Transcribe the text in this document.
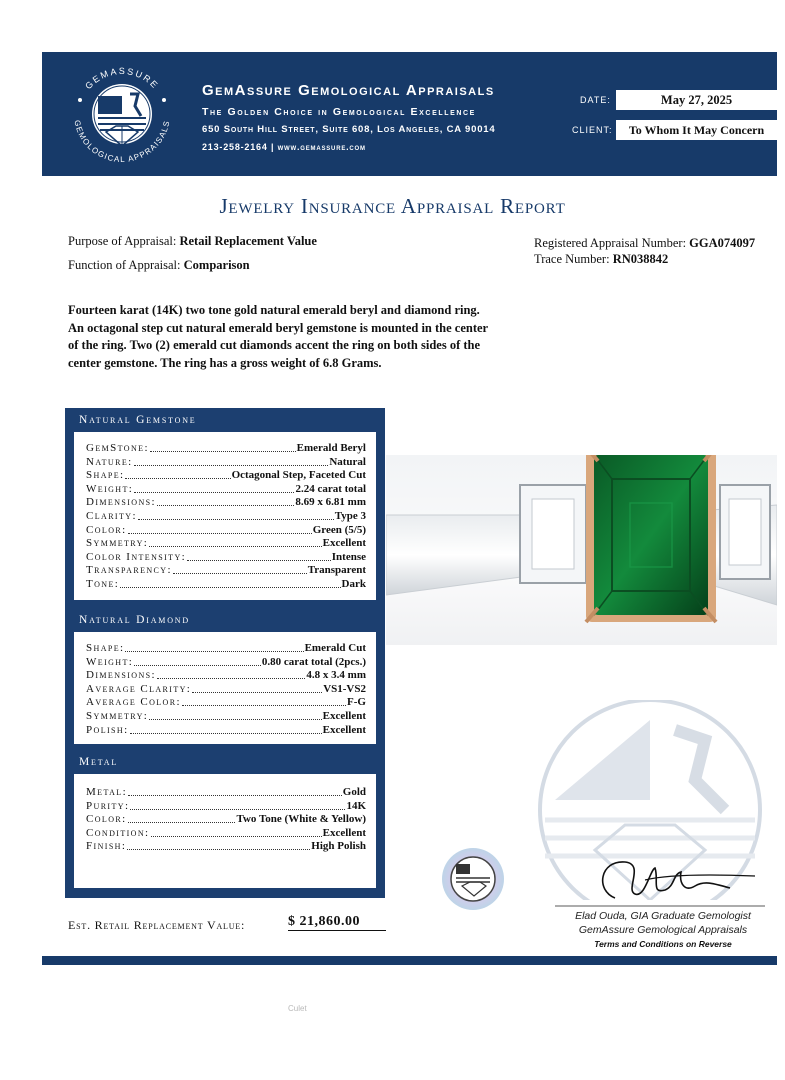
GEMASSURE
GEMOLOGICAL APPRAISALS
GemAssure Gemological Appraisals
The Golden Choice in Gemological Excellence
650 South Hill Street, Suite 608, Los Angeles, CA 90014
213-258-2164 | www.gemassure.com
DATE:	May 27, 2025
CLIENT:	To Whom It May Concern
Jewelry Insurance Appraisal Report
Purpose of Appraisal: Retail Replacement Value
Function of Appraisal: Comparison
Registered Appraisal Number: GGA074097
Trace Number: RN038842
Fourteen karat (14K) two tone gold natural emerald beryl and diamond ring. An octagonal step cut natural emerald beryl gemstone is mounted in the center of the ring. Two (2) emerald cut diamonds accent the ring on both sides of the center gemstone. The ring has a gross weight of 6.8 Grams.
Natural Gemstone
GemStone:	Emerald Beryl
Nature:	Natural
Shape:	Octagonal Step, Faceted Cut
Weight:	2.24 carat total
Dimensions:	8.69 x 6.81 mm
Clarity:	Type 3
Color:	Green (5/5)
Symmetry:	Excellent
Color Intensity:	Intense
Transparency:	Transparent
Tone:	Dark
Natural Diamond
Shape:	Emerald Cut
Weight:	0.80 carat total (2pcs.)
Dimensions:	4.8 x 3.4 mm
Average Clarity:	VS1-VS2
Average Color:	F-G
Symmetry:	Excellent
Polish:	Excellent
Metal
Metal:	Gold
Purity:	14K
Color:	Two Tone (White & Yellow)
Condition:	Excellent
Finish:	High Polish
Est. Retail Replacement Value:	$ 21,860.00	Elad Ouda, GIA Graduate Gemologist
GemAssure Gemological Appraisals
Terms and Conditions on Reverse
Culet
